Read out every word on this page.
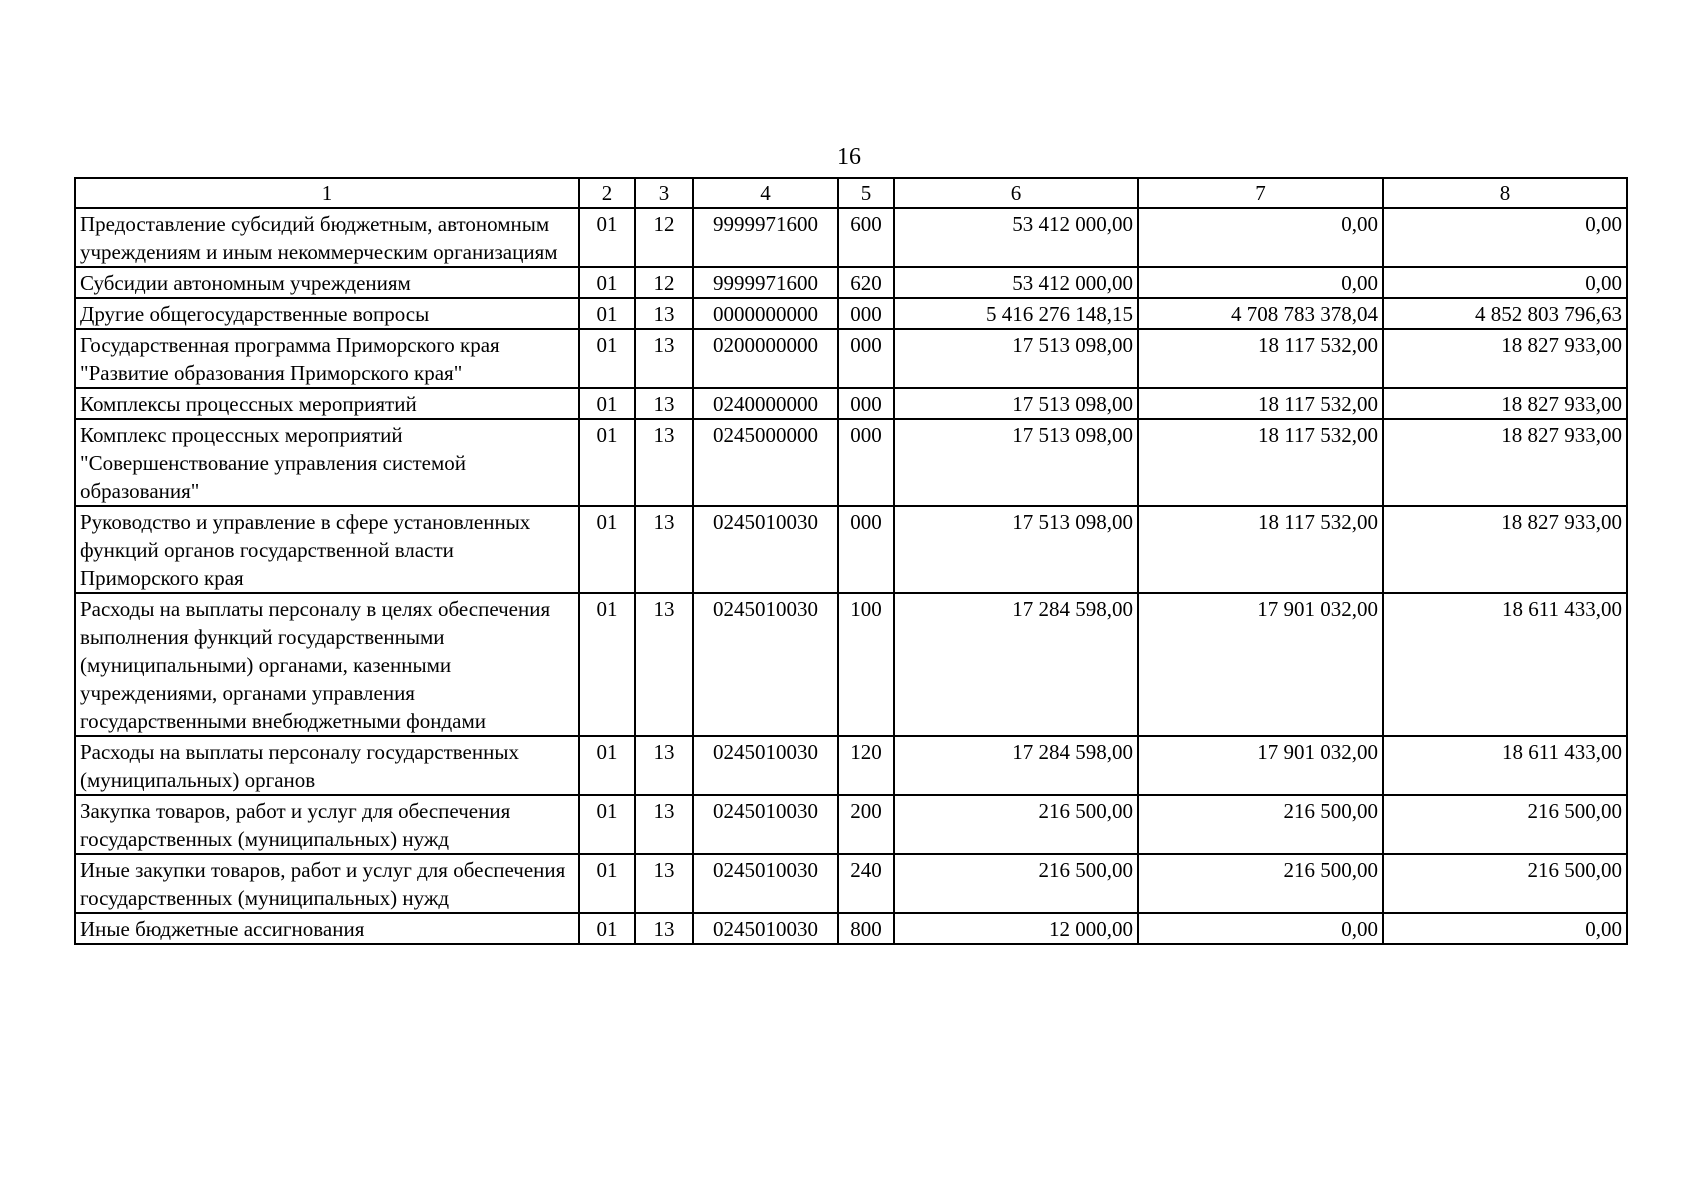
16
1	2	3	4	5	6	7	8
Предоставление субсидий бюджетным, автономным учреждениям и иным некоммерческим организациям	01	12	9999971600	600	53 412 000,00	0,00	0,00
Субсидии автономным учреждениям	01	12	9999971600	620	53 412 000,00	0,00	0,00
Другие общегосударственные вопросы	01	13	0000000000	000	5 416 276 148,15	4 708 783 378,04	4 852 803 796,63
Государственная программа Приморского края "Развитие образования Приморского края"	01	13	0200000000	000	17 513 098,00	18 117 532,00	18 827 933,00
Комплексы процессных мероприятий	01	13	0240000000	000	17 513 098,00	18 117 532,00	18 827 933,00
Комплекс процессных мероприятий "Совершенствование управления системой образования"	01	13	0245000000	000	17 513 098,00	18 117 532,00	18 827 933,00
Руководство и управление в сфере установленных функций органов государственной власти Приморского края	01	13	0245010030	000	17 513 098,00	18 117 532,00	18 827 933,00
Расходы на выплаты персоналу в целях обеспечения выполнения функций государственными (муниципальными) органами, казенными учреждениями, органами управления государственными внебюджетными фондами	01	13	0245010030	100	17 284 598,00	17 901 032,00	18 611 433,00
Расходы на выплаты персоналу государственных (муниципальных) органов	01	13	0245010030	120	17 284 598,00	17 901 032,00	18 611 433,00
Закупка товаров, работ и услуг для обеспечения государственных (муниципальных) нужд	01	13	0245010030	200	216 500,00	216 500,00	216 500,00
Иные закупки товаров, работ и услуг для обеспечения государственных (муниципальных) нужд	01	13	0245010030	240	216 500,00	216 500,00	216 500,00
Иные бюджетные ассигнования	01	13	0245010030	800	12 000,00	0,00	0,00
